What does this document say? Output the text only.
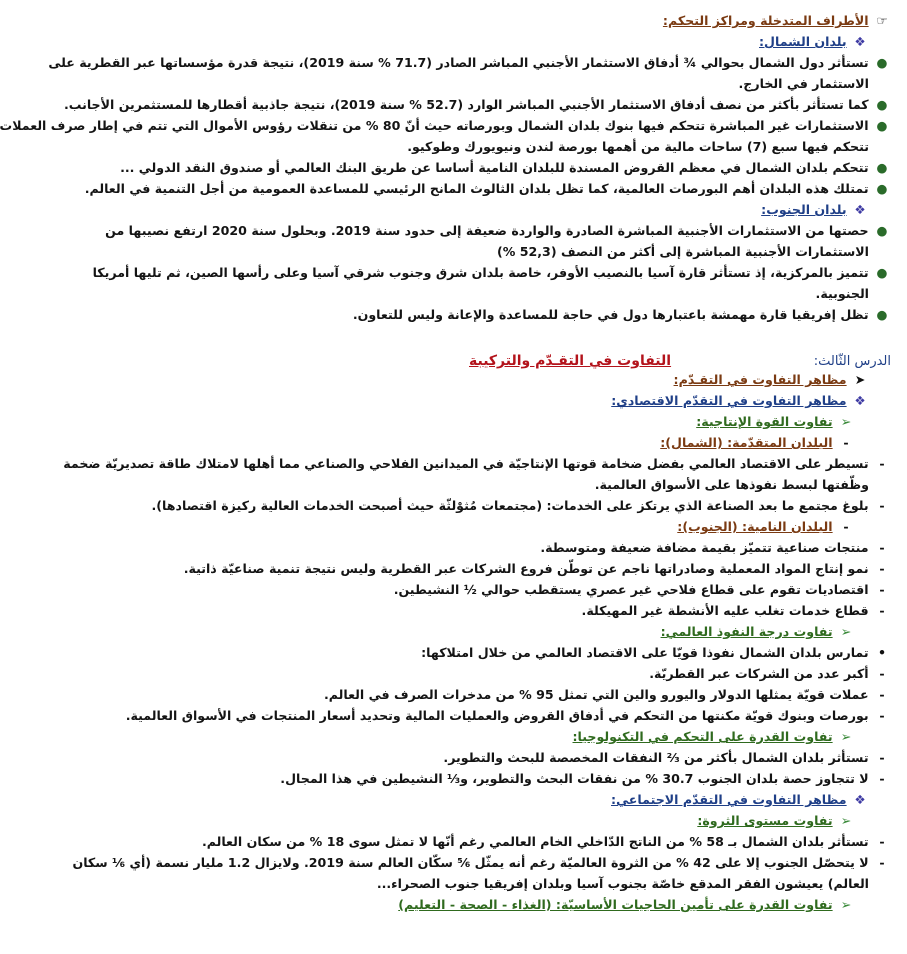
☞ الأطراف المتدخلة ومراكز التحكم:
❖ بلدان الشمال:
● تستأثر دول الشمال بحوالي ¾ أدفاق الاستثمار الأجنبي المباشر الصادر (71.7 % سنة 2019)، نتيجة قدرة مؤسساتها عبر القطرية على
الاستثمار في الخارج.
● كما تستأثر بأكثر من نصف أدفاق الاستثمار الأجنبي المباشر الوارد (52.7 % سنة 2019)، نتيجة جاذبية أقطارها للمستثمرين الأجانب.
● الاستثمارات غير المباشرة تتحكم فيها بنوك بلدان الشمال وبورصاته حيث أنّ 80 % من تنقلات رؤوس الأموال التي تتم في إطار صرف العملات
تتحكم فيها سبع (7) ساحات مالية من أهمها بورصة لندن ونيويورك وطوكيو.
● تتحكم بلدان الشمال في معظم القروض المسندة للبلدان النامية أساسا عن طريق البنك العالمي أو صندوق النقد الدولي ...
● تمتلك هذه البلدان أهم البورصات العالمية، كما تظل بلدان الثالوث المانح الرئيسي للمساعدة العمومية من أجل التنمية في العالم.
❖ بلدان الجنوب:
● حصتها من الاستثمارات الأجنبية المباشرة الصادرة والواردة ضعيفة إلى حدود سنة 2019. وبحلول سنة 2020 ارتفع نصيبها من
الاستثمارات الأجنبية المباشرة إلى أكثر من النصف (52,3 %)
● تتميز بالمركزية، إذ تستأثر قارة آسيا بالنصيب الأوفر، خاصة بلدان شرق وجنوب شرقي آسيا وعلى رأسها الصين، ثم تليها أمريكا
الجنوبية.
● تظل إفريقيا قارة مهمشة باعتبارها دول في حاجة للمساعدة والإعانة وليس للتعاون.
الدرس الثّالث:
التفاوت في التقـدّم والتركيبة
➤ مظاهر التفاوت في التقـدّم:
❖ مظاهر التفاوت في التقدّم الاقتصادي:
➢ تفاوت القوة الإنتاجية:
- البلدان المتقدّمة: (الشمال):
- تسيطر على الاقتصاد العالمي بفضل ضخامة قوتها الإنتاجيّة في الميدانين الفلاحي والصناعي مما أهلها لامتلاك طاقة تصديريّة ضخمة
وظّفتها لبسط نفوذها على الأسواق العالمية.
- بلوغ مجتمع ما بعد الصناعة الذي يرتكز على الخدمات: (مجتمعات مُثوْلثّة حيث أصبحت الخدمات العالية ركيزة اقتصادها).
- البلدان النامية: (الجنوب):
- منتجات صناعية تتميّز بقيمة مضافة ضعيفة ومتوسطة.
- نمو إنتاج المواد المعملية وصادراتها ناجم عن توطّن فروع الشركات عبر القطرية وليس نتيجة تنمية صناعيّة ذاتية.
- اقتصاديات تقوم على قطاع فلاحي غير عصري يستقطب حوالي ½ النشيطين.
- قطاع خدمات تغلب عليه الأنشطة غير المهيكلة.
➢ تفاوت درجة النفوذ العالمي:
• تمارس بلدان الشمال نفوذا قويّا على الاقتصاد العالمي من خلال امتلاكها:
- أكبر عدد من الشركات عبر القطريّة.
- عملات قويّة يمثلها الدولار واليورو والين التي تمثل 95 % من مدخرات الصرف في العالم.
- بورصات وبنوك قويّة مكنتها من التحكم في أدفاق القروض والعمليات المالية وتحديد أسعار المنتجات في الأسواق العالمية.
➢ تفاوت القدرة على التحكم في التكنولوجيا:
- تستأثر بلدان الشمال بأكثر من ⅔ النفقات المخصصة للبحث والتطوير.
- لا تتجاوز حصة بلدان الجنوب 30.7 % من نفقات البحث والتطوير، و⅓ النشيطين في هذا المجال.
❖ مظاهر التفاوت في التقدّم الاجتماعي:
➢ تفاوت مستوى الثروة:
- تستأثر بلدان الشمال بـ 58 % من الناتج الدّاخلي الخام العالمي رغم أنّها لا تمثل سوى 18 % من سكان العالم.
- لا يتحصّل الجنوب إلا على 42 % من الثروة العالميّة رغم أنه يمثّل ⅚ سكّان العالم سنة 2019. ولايزال 1.2 مليار نسمة (أي ⅙ سكان
العالم) يعيشون الفقر المدقع خاصّة بجنوب آسيا وبلدان إفريقيا جنوب الصحراء...
➢ تفاوت القدرة على تأمين الحاجيات الأساسيّة: (الغذاء - الصحة - التعليم)
